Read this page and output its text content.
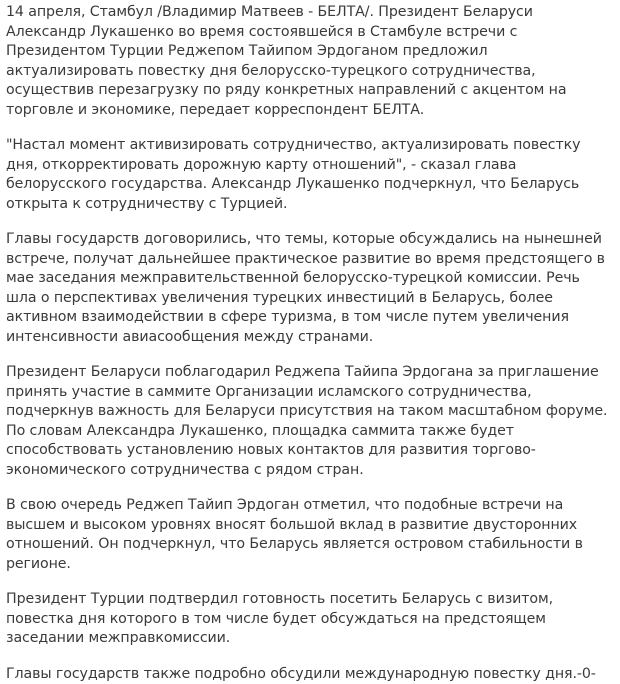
14 апреля, Стамбул /Владимир Матвеев - БЕЛТА/. Президент Беларуси Александр Лукашенко во время состоявшейся в Стамбуле встречи с Президентом Турции Реджепом Тайипом Эрдоганом предложил актуализировать повестку дня белорусско-турецкого сотрудничества, осуществив перезагрузку по ряду конкретных направлений с акцентом на торговле и экономике, передает корреспондент БЕЛТА.

"Настал момент активизировать сотрудничество, актуализировать повестку дня, откорректировать дорожную карту отношений", - сказал глава белорусского государства. Александр Лукашенко подчеркнул, что Беларусь открыта к сотрудничеству с Турцией.

Главы государств договорились, что темы, которые обсуждались на нынешней встрече, получат дальнейшее практическое развитие во время предстоящего в мае заседания межправительственной белорусско-турецкой комиссии. Речь шла о перспективах увеличения турецких инвестиций в Беларусь, более активном взаимодействии в сфере туризма, в том числе путем увеличения интенсивности авиасообщения между странами.

Президент Беларуси поблагодарил Реджепа Тайипа Эрдогана за приглашение принять участие в саммите Организации исламского сотрудничества, подчеркнув важность для Беларуси присутствия на таком масштабном форуме. По словам Александра Лукашенко, площадка саммита также будет способствовать установлению новых контактов для развития торгово-экономического сотрудничества с рядом стран.

В свою очередь Реджеп Тайип Эрдоган отметил, что подобные встречи на высшем и высоком уровнях вносят большой вклад в развитие двусторонних отношений. Он подчеркнул, что Беларусь является островом стабильности в регионе.

Президент Турции подтвердил готовность посетить Беларусь с визитом, повестка дня которого в том числе будет обсуждаться на предстоящем заседании межправкомиссии.

Главы государств также подробно обсудили международную повестку дня.-0-
